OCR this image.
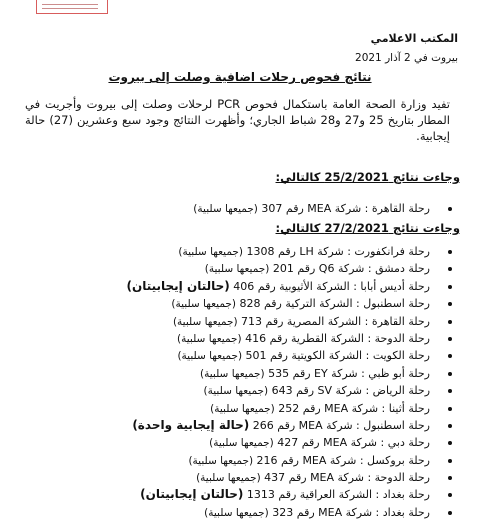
المكتب الاعلامي
بيروت في 2 آذار 2021
نتائج فحوص رحلات اضافية وصلت إلى بيروت
تفيد وزارة الصحة العامة باستكمال فحوص PCR لرحلات وصلت إلى بيروت وأجريت في المطار بتاريخ 25 و27 و28 شباط الجاري؛ وأظهرت النتائج وجود سبع وعشرين (27) حالة إيجابية.
وجاءت نتائج 25/2/2021 كالتالي:
رحلة القاهرة : شركة MEA رقم 307 (جميعها سلبية)
وجاءت نتائج 27/2/2021 كالتالي:
رحلة فرانكفورت : شركة LH رقم 1308 (جميعها سلبية)
رحلة دمشق : شركة Q6 رقم 201 (جميعها سلبية)
رحلة أديس أبابا : الشركة الأثيوبية رقم 406 (حالتان إيجابيتان)
رحلة اسطنبول : الشركة التركية رقم 828 (جميعها سلبية)
رحلة القاهرة : الشركة المصرية رقم 713 (جميعها سلبية)
رحلة الدوحة : الشركة القطرية رقم 416 (جميعها سلبية)
رحلة الكويت : الشركة الكويتية رقم 501 (جميعها سلبية)
رحلة أبو ظبي : شركة EY رقم 535 (جميعها سلبية)
رحلة الرياض : شركة SV رقم 643 (جميعها سلبية)
رحلة أثينا : شركة MEA رقم 252 (جميعها سلبية)
رحلة اسطنبول : شركة MEA رقم 266 (حالة إيجابية واحدة)
رحلة دبي : شركة MEA رقم 427 (جميعها سلبية)
رحلة بروكسل : شركة MEA رقم 216 (جميعها سلبية)
رحلة الدوحة : شركة MEA رقم 437 (جميعها سلبية)
رحلة بغداد : الشركة العراقية رقم 1313 (حالتان إيجابيتان)
رحلة بغداد : شركة MEA رقم 323 (جميعها سلبية)
